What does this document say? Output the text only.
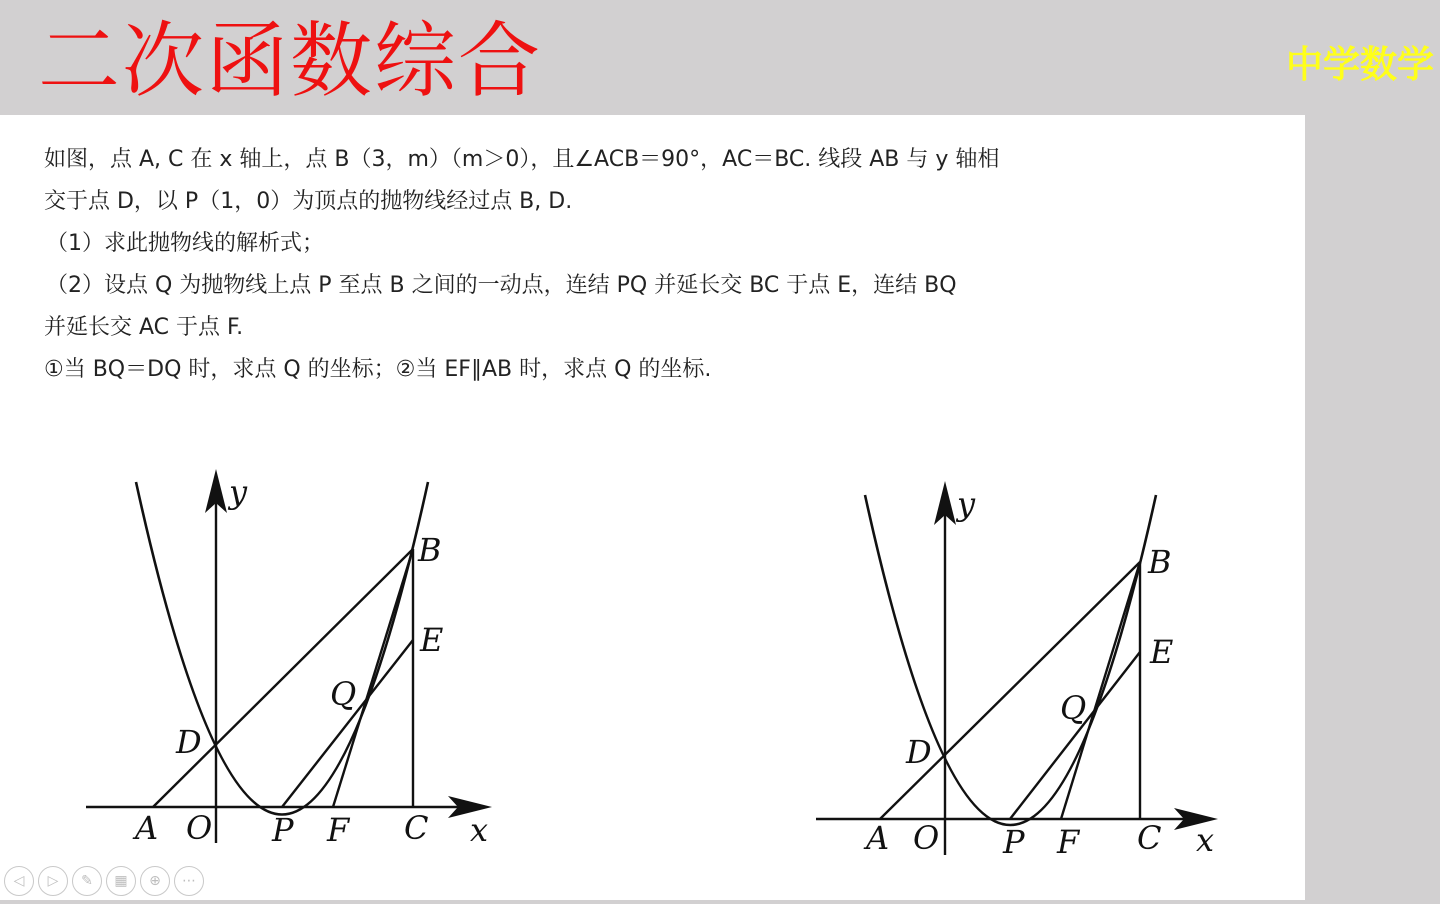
二次函数综合	中学数学
如图，点 A, C 在 x 轴上，点 B（3，m）（m＞0），且∠ACB＝90°，AC＝BC. 线段 AB 与 y 轴相
交于点 D，以 P（1，0）为顶点的抛物线经过点 B, D.
（1）求此抛物线的解析式；
（2）设点 Q 为抛物线上点 P 至点 B 之间的一动点，连结 PQ 并延长交 BC 于点 E，连结 BQ
并延长交 AC 于点 F.
①当 BQ＝DQ 时，求点 Q 的坐标；②当 EF∥AB 时，求点 Q 的坐标.
y
x
A O P F C
B
E
Q
D
y
x
A O P F C
B
E
Q
D
◁	▷	✎	▦	⊕	⋯
